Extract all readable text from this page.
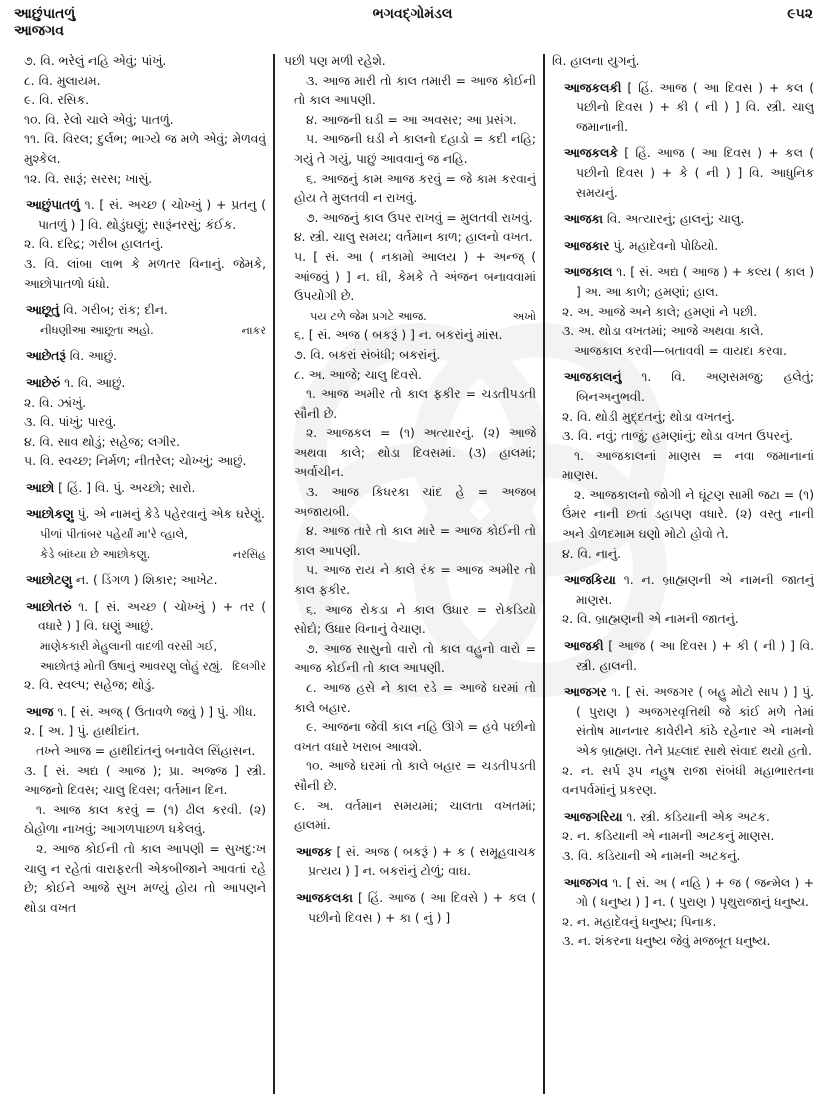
આછુંપાતળું
આજગવ
ભગવદ્ગોમંડલ	૯૫૨
૭. વિ. ભરેલું નહિ એવું; પાંખું.
૮. વિ. મુલાયમ.
૯. વિ. રસિક.
૧૦. વિ. રેલો ચાલે એવું; પાતળું.
૧૧. વિ. વિરલ; દુર્લભ; ભાગ્યે જ મળે એવું; મેળવવું મુશ્કેલ.
૧૨. વિ. સારૂં; સરસ; ખાસું.
આછુંપાતળું ૧. [ સં. અચ્છ ( ચોખ્ખું ) + પ્રતનુ ( પાતળું ) ] વિ. થોડુંઘણું; સારૂંનરસું; કંઈક.
૨. વિ. દરિદ્ર; ગરીબ હાલતનું.
૩. વિ. લાંબા લાભ કે મળતર વિનાનું. જેમકે, આછોપાતળો ધંધો.
આછૂતું વિ. ગરીબ; રાંક; દીન.
નીધણીઆ આછૂતા અહો.	નાકર
આછેતરૂં વિ. આછું.
આછેરું ૧. વિ. આછું.
૨. વિ. ઝાંખું.
૩. વિ. પાંખું; પારવું.
૪. વિ. સાવ થોડું; સહેજ; લગીર.
૫. વિ. સ્વચ્છ; નિર્મળ; નીતરેલ; ચોખ્ખું; આછું.
આછો [ હિં. ] વિ. પું. અચ્છો; સારો.
આછોકણુ પું. એ નામનું કેડે પહેરવાનું એક ઘરેણું.
પીળાં પીતાંબર પહેર્યાં મા'રે વ્હાલે,
કેડે બાંધ્યા છે આછોકણુ.	નરસિંહ
આછોટણુ ન. ( ડિંગળ ) શિકાર; આખેટ.
આછોતરું ૧. [ સં. અચ્છ ( ચોખ્ખું ) + તર ( વધારે ) ] વિ. ઘણું આછું.
માણેકકારી મેહુલાની વાદળી વરસી ગઈ,
આછોતરૂં મોતી ઉષાનું આવરણુ લોહું રહ્યું. દિલગીર
૨. વિ. સ્વલ્પ; સહેજ; થોડું.
આજ ૧. [ સં. અજ્ ( ઉતાવળે જવું ) ] પું. ગીધ.
૨. [ અ. ] પું. હાથીદાંત.
તખ્તે આજ = હાથીદાંતનું બનાવેલ સિંહાસન.
૩. [ સં. અદ્ય ( આજ ); પ્રા. અજ્જ ] સ્ત્રી. આજનો દિવસ; ચાલુ દિવસ; વર્તમાન દિન.
૧. આજ કાલ કરવું = (૧) ઢીલ કરવી. (૨) ઠોહોળા નાખવું; આગળપાછળ ધકેલવું.
૨. આજ કોઈની તો કાલ આપણી = સુખદુ:ખ ચાલુ ન રહેતાં વારાફરતી એકબીજાને આવતાં રહે છે; કોઈને આજે સુખ મળ્યું હોય તો આપણને થોડા વખત
પછી પણ મળી રહેશે.
૩. આજ મારી તો કાલ તમારી = આજ કોઈની તો કાલ આપણી.
૪. આજની ઘડી = આ અવસર; આ પ્રસંગ.
૫. આજની ઘડી ને કાલનો દહાડો = કદી નહિ; ગયું તે ગયું, પાછું આવવાનું જ નહિ.
૬. આજનું કામ આજ કરવું = જે કામ કરવાનું હોય તે મુલતવી ન રાખવું.
૭. આજનું કાલ ઉપર રાખવું = મુલતવી રાખવું.
૪. સ્ત્રી. ચાલુ સમય; વર્તમાન કાળ; હાલનો વખત.
૫. [ સં. આ ( નકામો આલય ) + અન્જ્ ( આંજવું ) ] ન. ઘી, કેમકે તે અંજન બનાવવામાં ઉપયોગી છે.
પય ટળે જેમ પ્રગટે આજ.	અખો
૬. [ સં. અજ ( બકરૂં ) ] ન. બકરાંનું માંસ.
૭. વિ. બકરાં સંબંધી; બકરાંનું.
૮. અ. આજે; ચાલુ દિવસે.
૧. આજ અમીર તો કાલ ફકીર = ચડતીપડતી સૌની છે.
૨. આજકલ = (૧) અત્યારનું. (૨) આજે અથવા કાલે; થોડા દિવસમાં. (૩) હાલમાં; અર્વાચીન.
૩. આજ કિધરકા ચાંદ હે = અજબ અજાયબી.
૪. આજ તારે તો કાલ મારે = આજ કોઈની તો કાલ આપણી.
૫. આજ રાય ને કાલે રંક = આજ અમીર તો કાલ ફકીર.
૬. આજ રોકડા ને કાલ ઉધાર = રોકડિયો સોદો; ઉધાર વિનાનું વેચાણ.
૭. આજ સાસુનો વારો તો કાલ વહુનો વારો = આજ કોઈની તો કાલ આપણી.
૮. આજ હસે ને કાલ રડે = આજે ઘરમાં તો કાલે બહાર.
૯. આજના જેવી કાલ નહિ ઊગે = હવે પછીનો વખત વધારે ખરાબ આવશે.
૧૦. આજે ઘરમાં તો કાલે બહાર = ચડતીપડતી સૌની છે.
૯. અ. વર્તમાન સમયમાં; ચાલતા વખતમાં; હાલમાં.
આજક [ સં. અજ ( બકરૂં ) + ક ( સમૂહવાચક પ્રત્યય ) ] ન. બકરાંનું ટોળું; વાઘ.
આજકલકા [ હિં. આજ ( આ દિવસે ) + કલ ( પછીનો દિવસ ) + કા ( નું ) ]
વિ. હાલના યુગનું.
આજકલકી [ હિં. આજ ( આ દિવસ ) + કલ ( પછીનો દિવસ ) + કી ( ની ) ] વિ. સ્ત્રી. ચાલુ જમાનાની.
આજકલકે [ હિં. આજ ( આ દિવસ ) + કલ ( પછીનો દિવસ ) + કે ( ની ) ] વિ. આધુનિક સમયનું.
આજકા વિ. અત્યારનું; હાલનું; ચાલુ.
આજકાર પું. મહાદેવનો પોઠિયો.
આજકાલ ૧. [ સં. અદ્ય ( આજ ) + કલ્ય ( કાલ ) ] અ. આ કાળે; હમણાં; હાલ.
૨. અ. આજે અને કાલે; હમણાં ને પછી.
૩. અ. થોડા વખતમાં; આજે અથવા કાલે.
આજકાલ કરવી—બતાવવી = વાયદા કરવા.
આજકાલનું ૧. વિ. અણસમજુ; હલેતું; બિનઅનુભવી.
૨. વિ. થોડી મુદ્દતનું; થોડા વખતનું.
૩. વિ. નવું; તાજું; હમણાંનું; થોડા વખત ઉપરનું.
૧. આજકાલનાં માણસ = નવા જમાનાનાં માણસ.
૨. આજકાલનો જોગી ને ઘૂંટણ સામી જટા = (૧) ઉંમર નાની છતાં ડહાપણ વધારે. (૨) વસ્તુ નાની અને ડોળદમામ ઘણો મોટો હોવો તે.
૪. વિ. નાનું.
આજકિયા ૧. ન. બ્રાહ્મણની એ નામની જાતનું માણસ.
૨. વિ. બ્રાહ્મણની એ નામની જાતનું.
આજકી [ આજ ( આ દિવસ ) + કી ( ની ) ] વિ. સ્ત્રી. હાલની.
આજગર ૧. [ સં. અજગર ( બહુ મોટો સાપ ) ] પું. ( પુરાણ ) અજગરવૃત્તિથી જે કાંઈ મળે તેમાં સંતોષ માનનાર કાવેરીને કાંઠે રહેનાર એ નામનો એક બ્રાહ્મણ. તેને પ્રહ્લાદ સાથે સંવાદ થયો હતો.
૨. ન. સર્પ રૂપ નહુષ રાજા સંબંધી મહાભારતના વનપર્વમાંનું પ્રકરણ.
આજગરિયા ૧. સ્ત્રી. કડિયાની એક અટક.
૨. ન. કડિયાની એ નામની અટકનું માણસ.
૩. વિ. કડિયાની એ નામની અટકનું.
આજગવ ૧. [ સં. અ ( નહિ ) + જ ( જન્મેલ ) + ગો ( ધનુષ્ય ) ] ન. ( પુરાણ ) પૃથુરાજાનું ધનુષ્ય.
૨. ન. મહાદેવનું ધનુષ્ય; પિનાક.
૩. ન. શંકરના ધનુષ્ય જેવું મજબૂત ધનુષ્ય.
